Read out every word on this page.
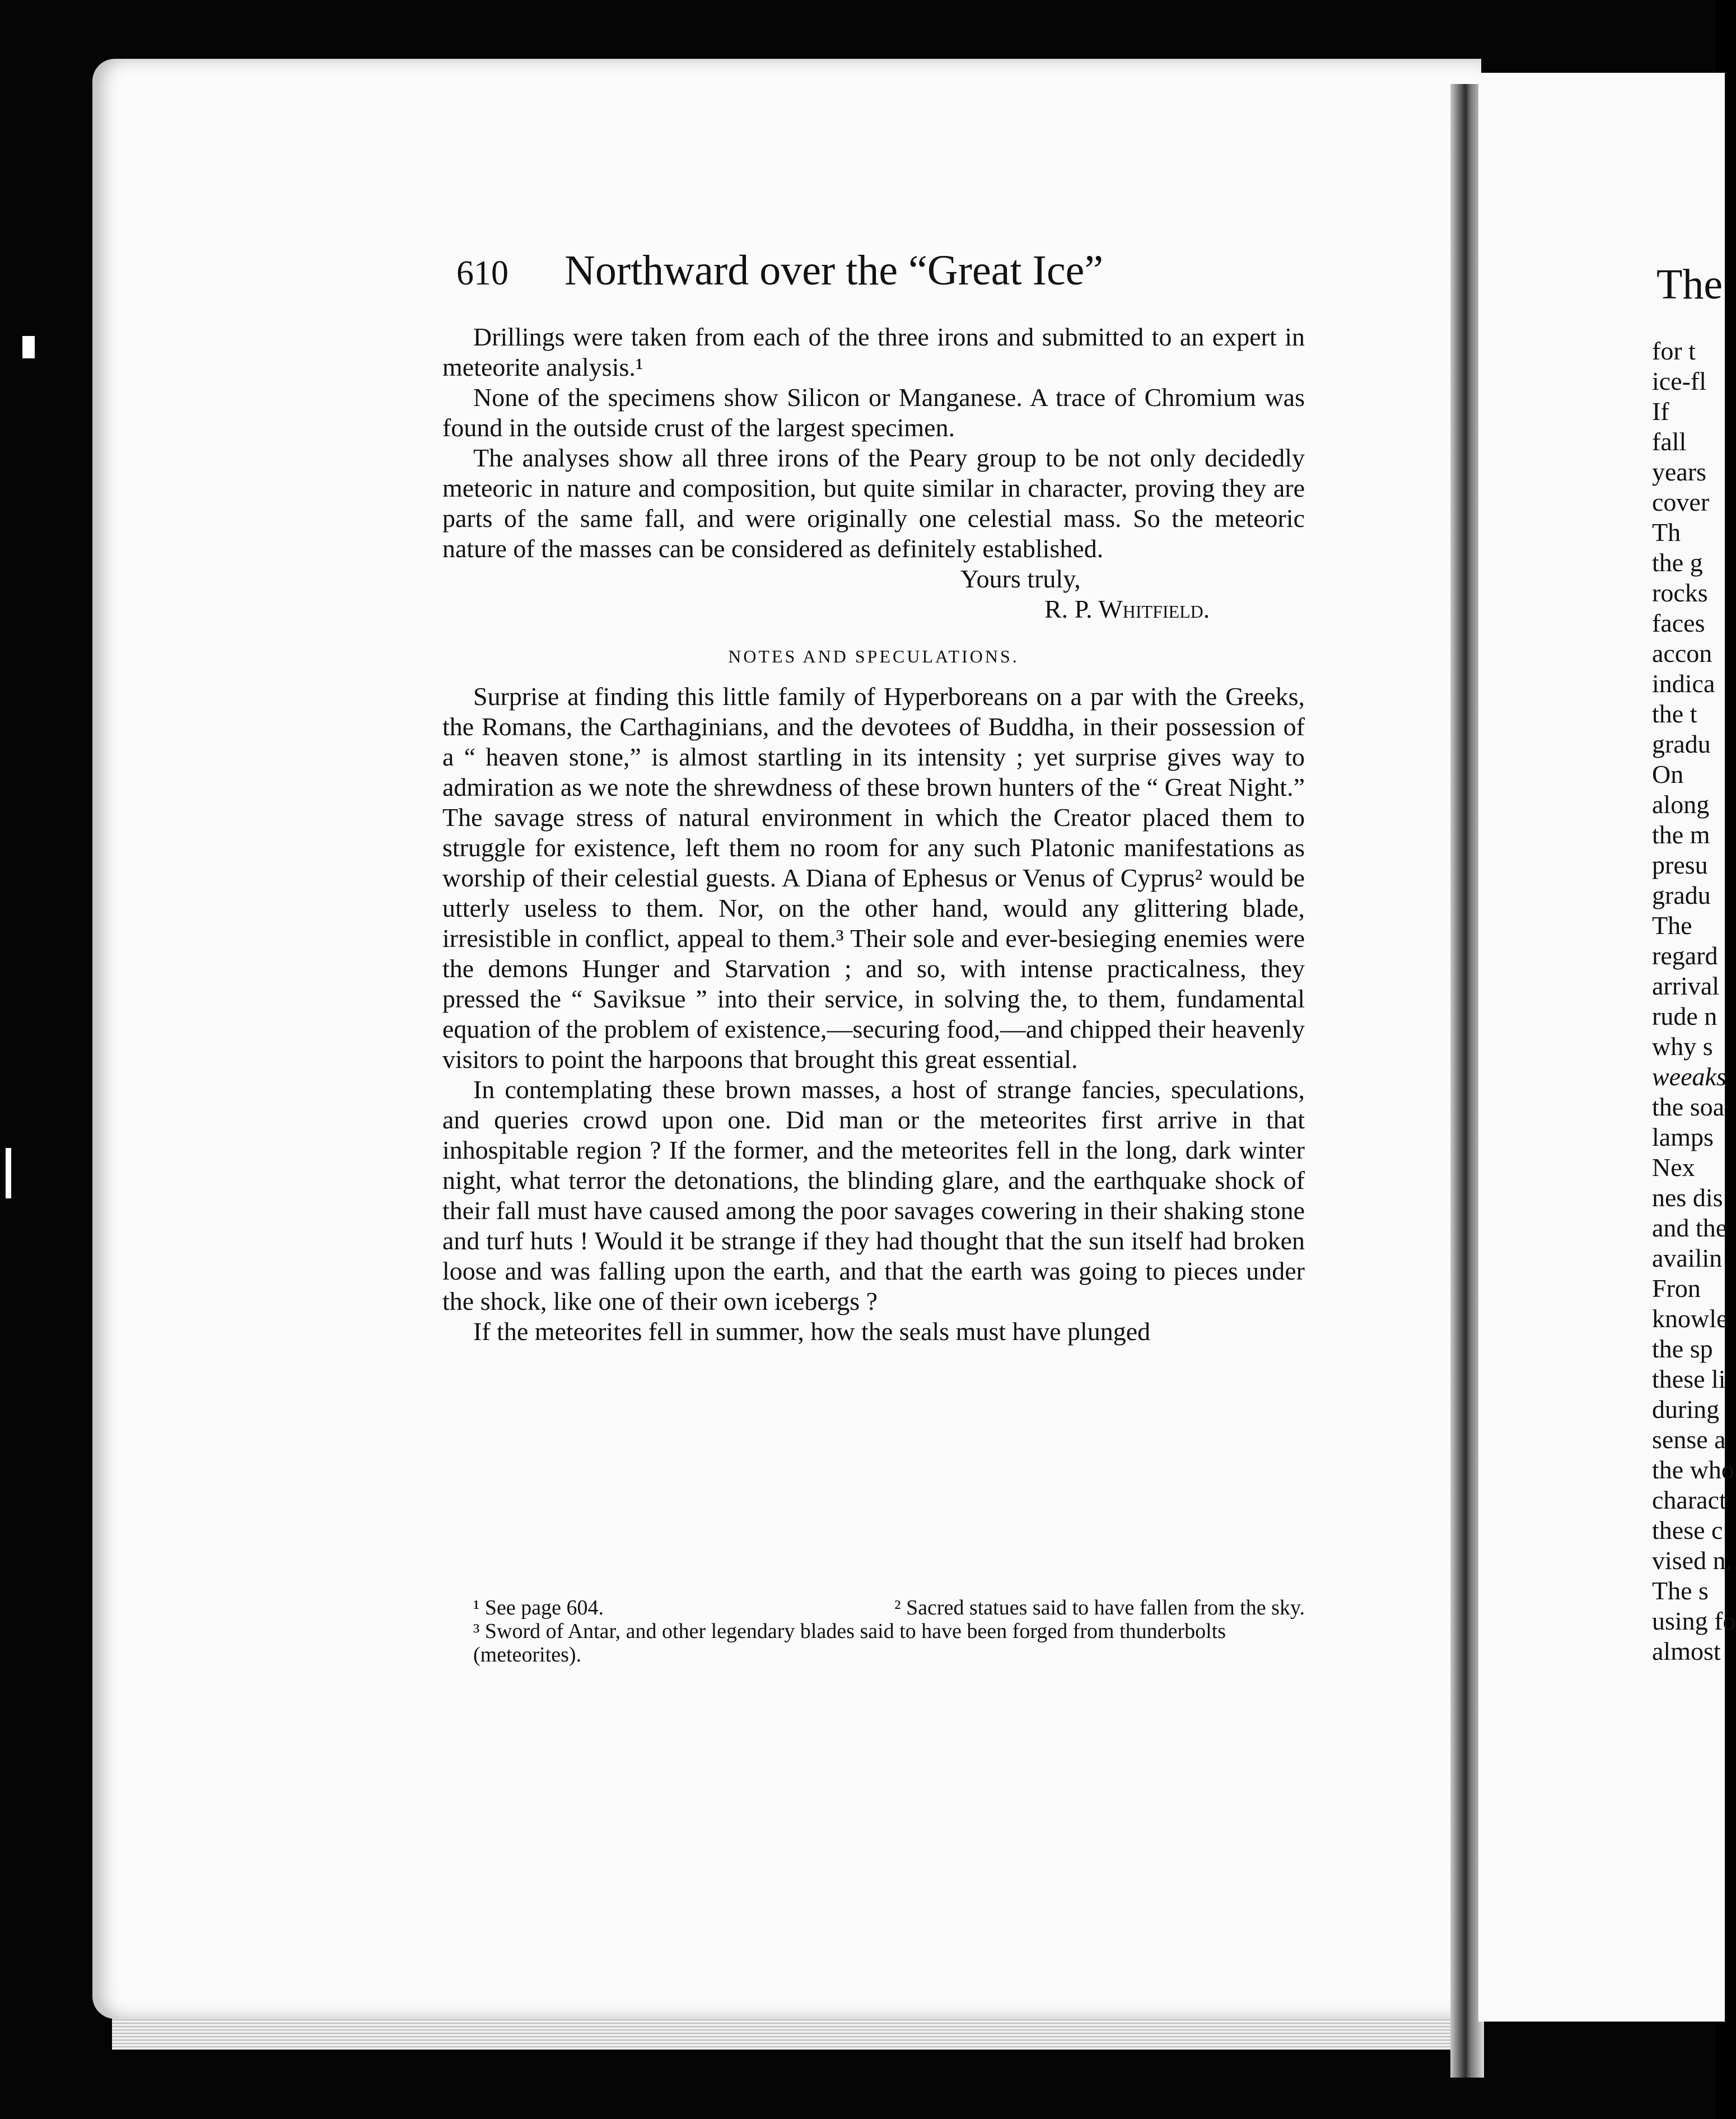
610 Northward over the “Great Ice”

Drillings were taken from each of the three irons and submitted to an expert in meteorite analysis.¹

None of the specimens show Silicon or Manganese. A trace of Chromium was found in the outside crust of the largest specimen.

The analyses show all three irons of the Peary group to be not only decidedly meteoric in nature and composition, but quite similar in character, proving they are parts of the same fall, and were originally one celestial mass. So the meteoric nature of the masses can be considered as definitely established.

Yours truly,

R. P. Whitfield.

NOTES AND SPECULATIONS.

Surprise at finding this little family of Hyperboreans on a par with the Greeks, the Romans, the Carthaginians, and the devotees of Buddha, in their possession of a “ heaven stone,” is almost startling in its intensity ; yet surprise gives way to admiration as we note the shrewdness of these brown hunters of the “ Great Night.” The savage stress of natural environment in which the Creator placed them to struggle for existence, left them no room for any such Platonic manifestations as worship of their celestial guests. A Diana of Ephesus or Venus of Cyprus² would be utterly useless to them. Nor, on the other hand, would any glittering blade, irresistible in conflict, appeal to them.³ Their sole and ever-besieging enemies were the demons Hunger and Starvation ; and so, with intense practicalness, they pressed the “ Saviksue ” into their service, in solving the, to them, fundamental equation of the problem of existence,—securing food,—and chipped their heavenly visitors to point the harpoons that brought this great essential.

In contemplating these brown masses, a host of strange fancies, speculations, and queries crowd upon one. Did man or the meteorites first arrive in that inhospitable region ? If the former, and the meteorites fell in the long, dark winter night, what terror the detonations, the blinding glare, and the earthquake shock of their fall must have caused among the poor savages cowering in their shaking stone and turf huts ! Would it be strange if they had thought that the sun itself had broken loose and was falling upon the earth, and that the earth was going to pieces under the shock, like one of their own icebergs ?

If the meteorites fell in summer, how the seals must have plunged

¹ See page 604.	² Sacred statues said to have fallen from the sky.

³ Sword of Antar, and other legendary blades said to have been forged from thunderbolts (meteorites).

The
for t
ice-fl
If
fall
years
cover
Th
the g
rocks
faces
accon
indica
the t
gradu
On
along
the m
presu
gradu
The
regard
arrival
rude n
why s
weeaks
the soa
lamps
Nex
nes dis
and the
availin
Fron
knowle
the sp
these li
during
sense a
the who
charact
these c
vised n.
The s
using fo
almost
